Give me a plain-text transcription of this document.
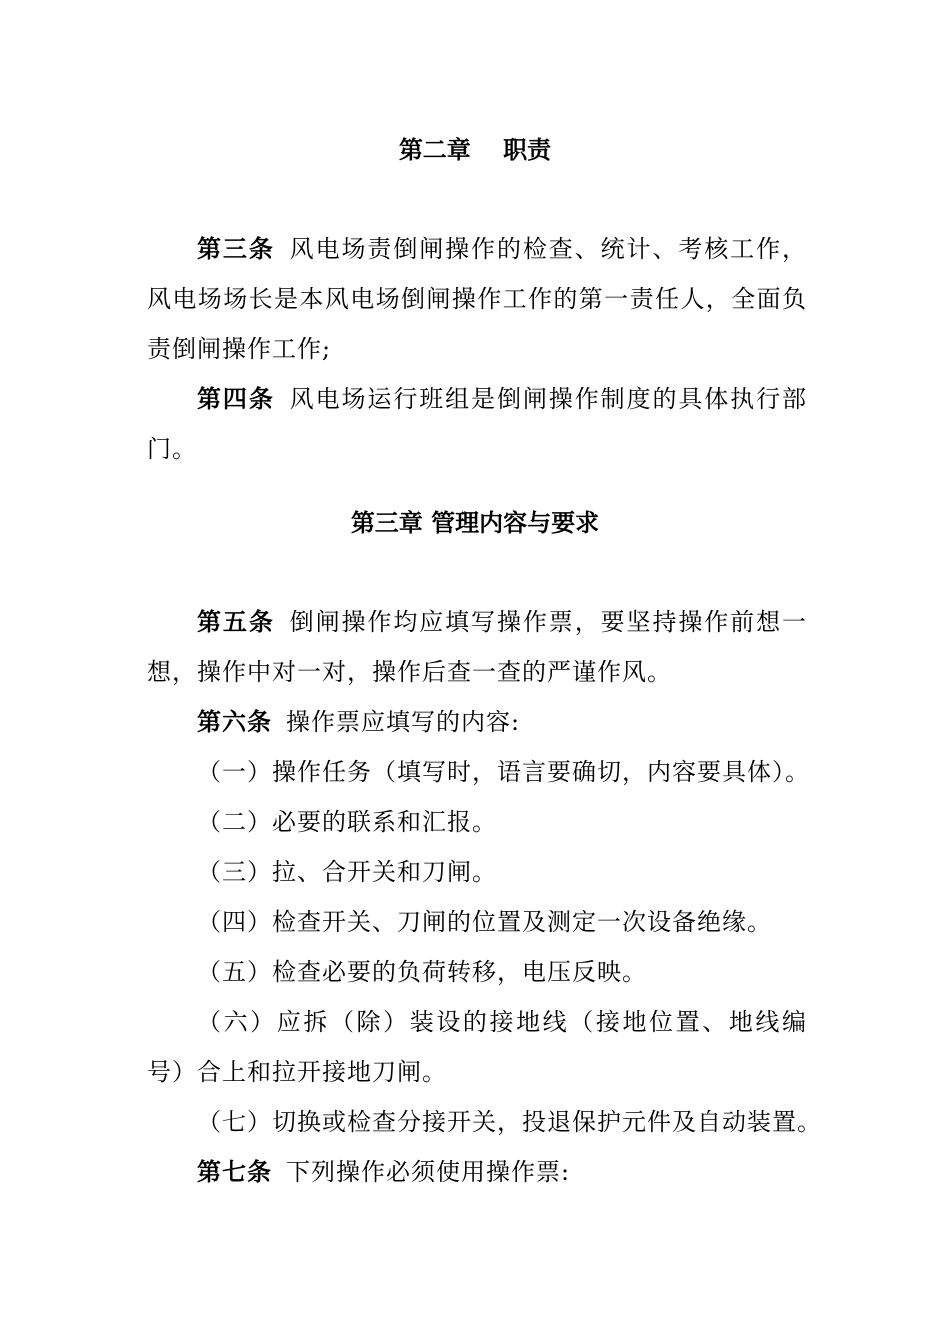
第二章　 职责
第三条 风电场责倒闸操作的检查、统计、考核工作，风电场场长是本风电场倒闸操作工作的第一责任人，全面负责倒闸操作工作;
第四条 风电场运行班组是倒闸操作制度的具体执行部门。
第三章 管理内容与要求
第五条 倒闸操作均应填写操作票，要坚持操作前想一想，操作中对一对，操作后查一查的严谨作风。
第六条 操作票应填写的内容:
（一）操作任务（填写时，语言要确切，内容要具体）。
（二）必要的联系和汇报。
（三）拉、合开关和刀闸。
（四）检查开关、刀闸的位置及测定一次设备绝缘。
（五）检查必要的负荷转移，电压反映。
（六）应拆（除）装设的接地线（接地位置、地线编号）合上和拉开接地刀闸。
（七）切换或检查分接开关，投退保护元件及自动装置。
第七条 下列操作必须使用操作票:
